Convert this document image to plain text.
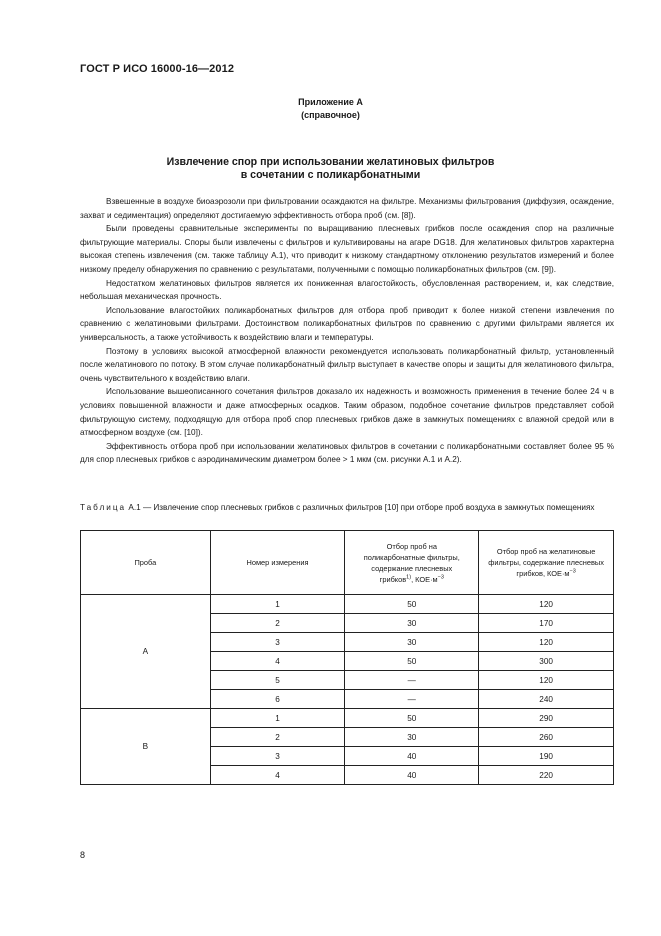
ГОСТ Р ИСО 16000-16—2012
Приложение А
(справочное)
Извлечение спор при использовании желатиновых фильтров
в сочетании с поликарбонатными

Взвешенные в воздухе биоаэрозоли при фильтровании осаждаются на фильтре. Механизмы фильтрования (диффузия, осаждение, захват и седиментация) определяют достигаемую эффективность отбора проб (см. [8]).

Были проведены сравнительные эксперименты по выращиванию плесневых грибков после осаждения спор на различные фильтрующие материалы. Споры были извлечены с фильтров и культивированы на агаре DG18. Для желатиновых фильтров характерна высокая степень извлечения (см. также таблицу А.1), что приводит к низкому стандартному отклонению результатов измерений и более низкому пределу обнаружения по сравнению с результатами, полученными с помощью поликарбонатных фильтров (см. [9]).

Недостатком желатиновых фильтров является их пониженная влагостойкость, обусловленная растворением, и, как следствие, небольшая механическая прочность.

Использование влагостойких поликарбонатных фильтров для отбора проб приводит к более низкой степени извлечения по сравнению с желатиновыми фильтрами. Достоинством поликарбонатных фильтров по сравнению с другими фильтрами является их универсальность, а также устойчивость к воздействию влаги и температуры.

Поэтому в условиях высокой атмосферной влажности рекомендуется использовать поликарбонатный фильтр, установленный после желатинового по потоку. В этом случае поликарбонатный фильтр выступает в качестве опоры и защиты для желатинового фильтра, очень чувствительного к воздействию влаги.

Использование вышеописанного сочетания фильтров доказало их надежность и возможность применения в течение более 24 ч в условиях повышенной влажности и даже атмосферных осадков. Таким образом, подобное сочетание фильтров представляет собой фильтрующую систему, подходящую для отбора проб спор плесневых грибков даже в замкнутых помещениях с влажной средой или в атмосферном воздухе (см. [10]).

Эффективность отбора проб при использовании желатиновых фильтров в сочетании с поликарбонатными составляет более 95 % для спор плесневых грибков с аэродинамическим диаметром более > 1 мкм (см. рисунки А.1 и А.2).

Таблица А.1 — Извлечение спор плесневых грибков с различных фильтров [10] при отборе проб воздуха в замкнутых помещениях
Проба	Номер измерения	Отбор проб на поликарбонатные фильтры, содержание плесневых грибков$^{1)}$, $КОЕ\cdot м^{-3}$	Отбор проб на желатиновые фильтры, содержание плесневых грибков, $КОЕ\cdot м^{-3}$

А	1	50	120
	2	30	170
	3	30	120
	4	50	300
	5	—	120
	6	—	240
В	1	50	290
	2	30	260
	3	40	190
	4	40	220
8
